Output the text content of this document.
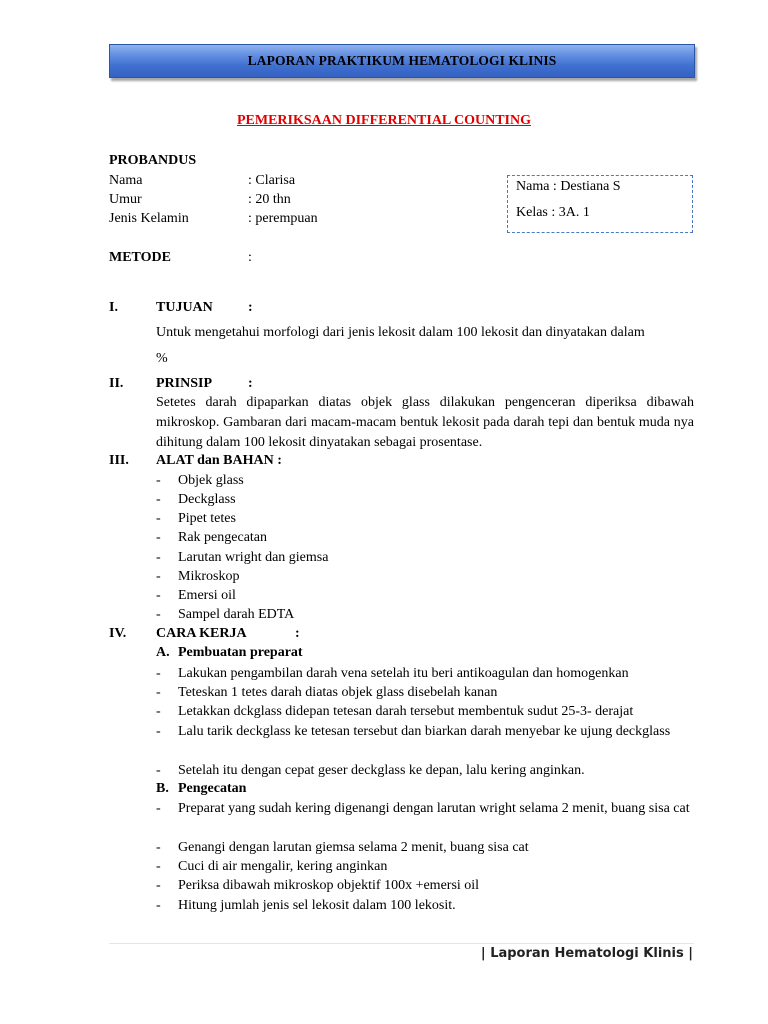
LAPORAN PRAKTIKUM HEMATOLOGI KLINIS
PEMERIKSAAN DIFFERENTIAL COUNTING
PROBANDUS
Nama	: Clarisa
Umur	: 20 thn
Jenis Kelamin	: perempuan
Nama : Destiana S
Kelas : 3A. 1
METODE	:
I.	TUJUAN	:
Untuk mengetahui morfologi dari jenis lekosit dalam 100 lekosit dan dinyatakan dalam
%
II. PRINSIP	:
Setetes darah dipaparkan diatas objek glass dilakukan pengenceran diperiksa dibawah mikroskop. Gambaran dari macam-macam bentuk lekosit pada darah tepi dan bentuk muda nya dihitung dalam 100 lekosit dinyatakan sebagai prosentase.
III. ALAT dan BAHAN :
- Objek glass
- Deckglass
- Pipet tetes
- Rak pengecatan
- Larutan wright dan giemsa
- Mikroskop
- Emersi oil
- Sampel darah EDTA
IV. CARA KERJA	:
A. Pembuatan preparat
- Lakukan pengambilan darah vena setelah itu beri antikoagulan dan homogenkan
- Teteskan 1 tetes darah diatas objek glass disebelah kanan
- Letakkan dckglass didepan tetesan darah tersebut membentuk sudut 25-3- derajat
- Lalu tarik deckglass ke tetesan tersebut dan biarkan darah menyebar ke ujung deckglass
- Setelah itu dengan cepat geser deckglass ke depan, lalu kering anginkan.
B. Pengecatan
- Preparat yang sudah kering digenangi dengan larutan wright selama 2 menit, buang sisa cat
- Genangi dengan larutan giemsa selama 2 menit, buang sisa cat
- Cuci di air mengalir, kering anginkan
- Periksa dibawah mikroskop objektif 100x +emersi oil
- Hitung jumlah jenis sel lekosit dalam 100 lekosit.
| Laporan Hematologi Klinis |
